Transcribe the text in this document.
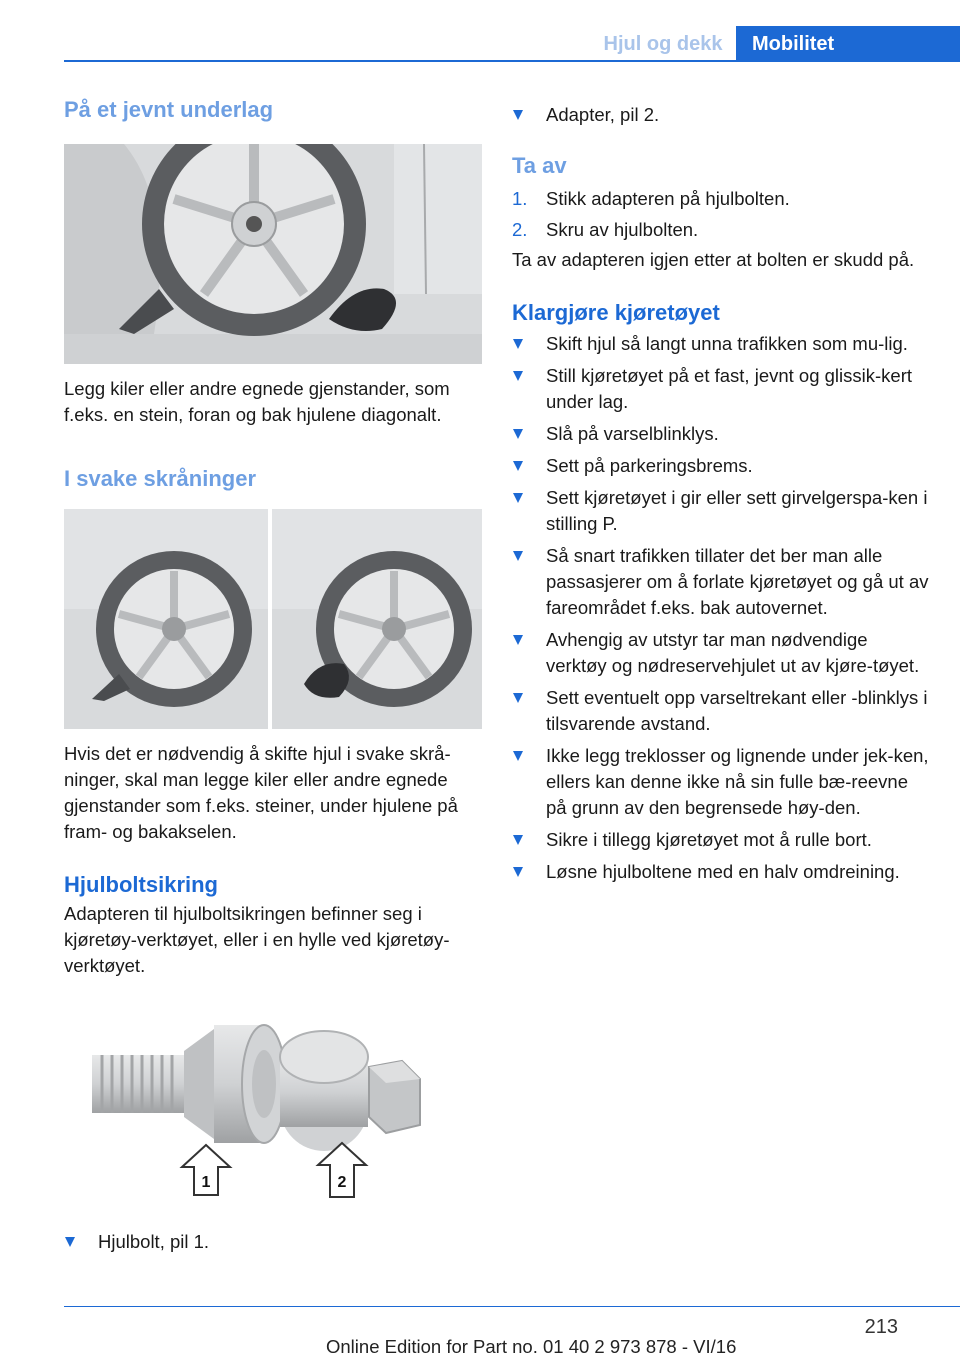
Hjul og dekk	Mobilitet
På et jevnt underlag

Legg kiler eller andre egnede gjenstander, som f.eks. en stein, foran og bak hjulene diagonalt.

I svake skråninger

Hvis det er nødvendig å skifte hjul i svake skrå-ninger, skal man legge kiler eller andre egnede gjenstander som f.eks. steiner, under hjulene på fram- og bakakselen.

Hjulboltsikring

Adapteren til hjulboltsikringen befinner seg i kjøretøy-verktøyet, eller i en hylle ved kjøretøy-verktøyet.

1	2
Hjulbolt, pil 1.
Adapter, pil 2.
Ta av
1. Stikk adapteren på hjulbolten.
2. Skru av hjulbolten.

Ta av adapteren igjen etter at bolten er skudd på.

Klargjøre kjøretøyet
Skift hjul så langt unna trafikken som mu-lig.
Still kjøretøyet på et fast, jevnt og glissik-kert under lag.
Slå på varselblinklys.
Sett på parkeringsbrems.
Sett kjøretøyet i gir eller sett girvelgerspa-ken i stilling P.
Så snart trafikken tillater det ber man alle passasjerer om å forlate kjøretøyet og gå ut av fareområdet f.eks. bak autovernet.
Avhengig av utstyr tar man nødvendige verktøy og nødreservehjulet ut av kjøre-tøyet.
Sett eventuelt opp varseltrekant eller -blinklys i tilsvarende avstand.
Ikke legg treklosser og lignende under jek-ken, ellers kan denne ikke nå sin fulle bæ-reevne på grunn av den begrensede høy-den.
Sikre i tillegg kjøretøyet mot å rulle bort.
Løsne hjulboltene med en halv omdreining.
213
Online Edition for Part no. 01 40 2 973 878 - VI/16
